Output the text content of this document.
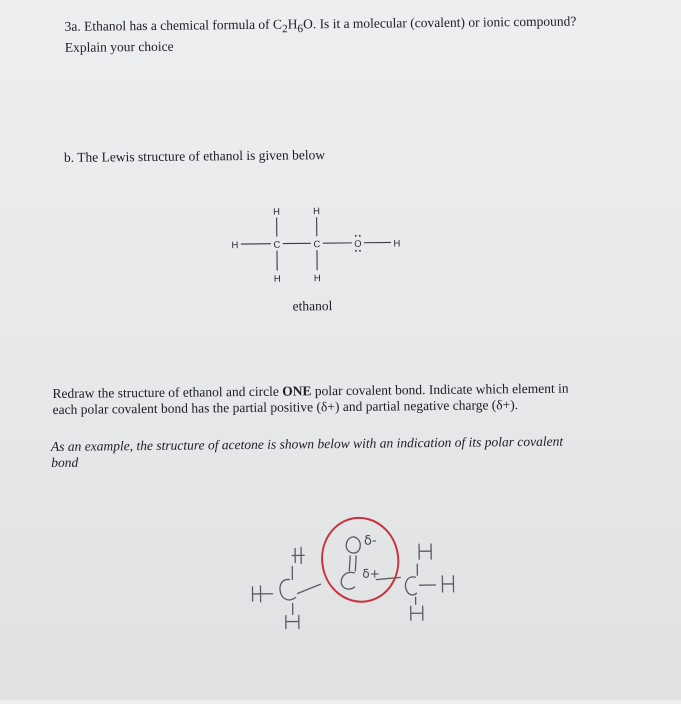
3a. Ethanol has a chemical formula of $C_2H_6O$. Is it a molecular (covalent) or ionic compound?
Explain your choice
b. The Lewis structure of ethanol is given below
H	H
H	C	C	O	H
H	H
ethanol
Redraw the structure of ethanol and circle ONE polar covalent bond. Indicate which element in
each polar covalent bond has the partial positive (δ+) and partial negative charge (δ+).
As an example, the structure of acetone is shown below with an indication of its polar covalent
bond
δ-
δ+
